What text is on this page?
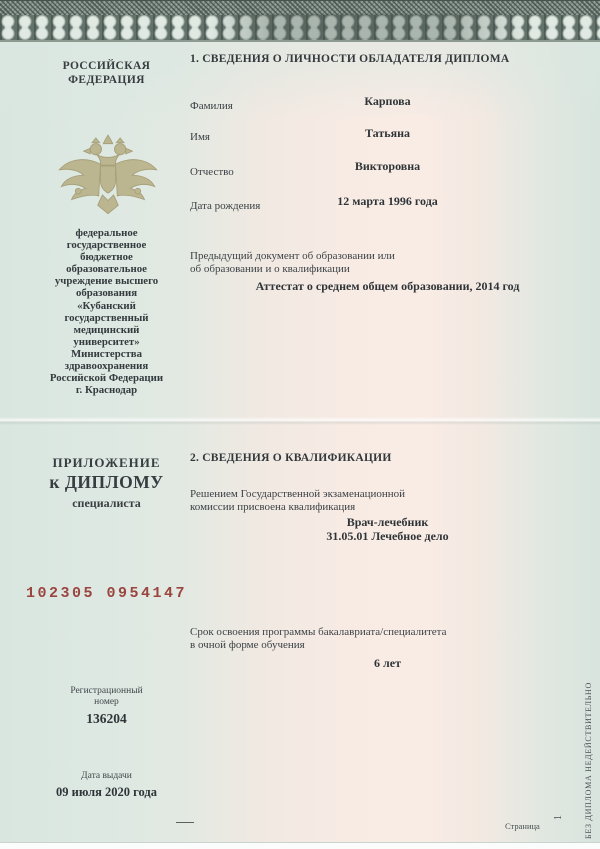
РОССИЙСКАЯ
ФЕДЕРАЦИЯ
федеральное
государственное
бюджетное
образовательное
учреждение высшего
образования
«Кубанский
государственный
медицинский
университет»
Министерства
здравоохранения
Российской Федерации
г. Краснодар
ПРИЛОЖЕНИЕ
к ДИПЛОМУ
специалиста
102305 0954147
Регистрационный
номер
136204
Дата выдачи
09 июля 2020 года
1. СВЕДЕНИЯ О ЛИЧНОСТИ ОБЛАДАТЕЛЯ ДИПЛОМА
Фамилия	Карпова
Имя	Татьяна
Отчество	Викторовна
Дата рождения	12 марта 1996 года
Предыдущий документ об образовании или
об образовании и о квалификации
Аттестат о среднем общем образовании, 2014 год
2. СВЕДЕНИЯ О КВАЛИФИКАЦИИ
Решением Государственной экзаменационной
комиссии присвоена квалификация
Врач-лечебник
31.05.01 Лечебное дело
Срок освоения программы бакалавриата/специалитета
в очной форме обучения
6 лет
Страница
1	БЕЗ ДИПЛОМА НЕДЕЙСТВИТЕЛЬНО
